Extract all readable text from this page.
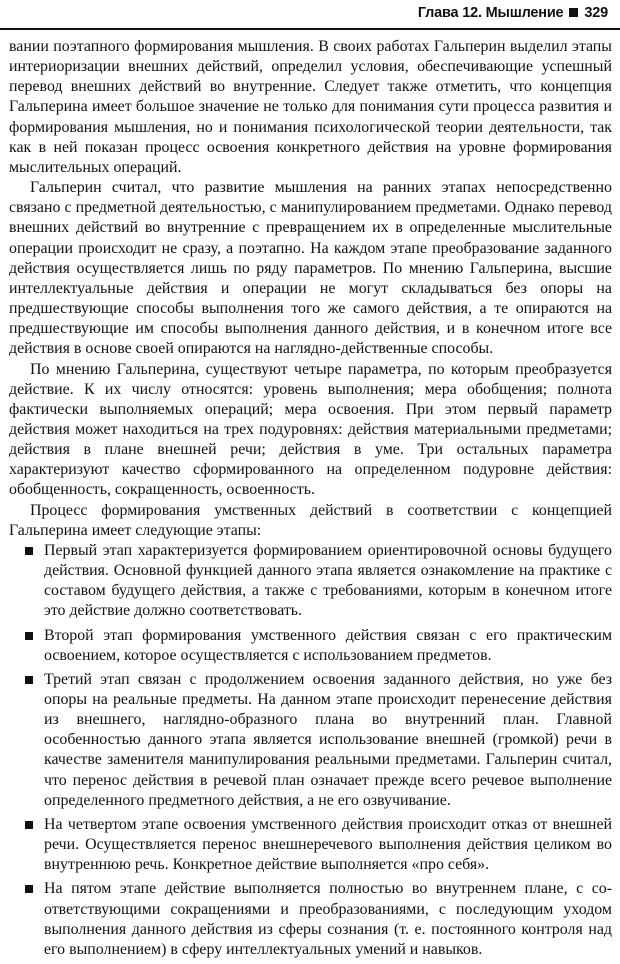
Глава 12. Мышление 329

вании поэтапного формирования мышления. В своих работах Гальперин выделил этапы интериоризации внешних действий, определил условия, обеспечивающие успешный перевод внешних действий во внутренние. Следует также отметить, что концепция Гальперина имеет большое значение не только для понимания сути процесса развития и формирования мышления, но и понимания психологической теории деятельности, так как в ней показан процесс освоения конкретного действия на уровне формирования мыслительных операций.

Гальперин считал, что развитие мышления на ранних этапах непосредственно связано с предметной деятельностью, с манипулированием предметами. Однако перевод внешних действий во внутренние с превращением их в определенные мыслительные операции происходит не сразу, а поэтапно. На каждом этапе преобразование заданного действия осуществляется лишь по ряду параметров. По мнению Гальперина, высшие интеллектуальные действия и операции не могут складываться без опоры на предшествующие способы выполнения того же самого действия, а те опираются на предшествующие им способы выполнения данного действия, и в конечном итоге все действия в основе своей опираются на наглядно-действенные способы.

По мнению Гальперина, существуют четыре параметра, по которым преобразуется действие. К их числу относятся: уровень выполнения; мера обобщения; полнота фактически выполняемых операций; мера освоения. При этом первый параметр действия может находиться на трех подуровнях: действия материальными предметами; действия в плане внешней речи; действия в уме. Три остальных параметра характеризуют качество сформированного на определенном подуровне действия: обобщенность, сокращенность, освоенность.

Процесс формирования умственных действий в соответствии с концепцией Гальперина имеет следующие этапы:

Первый этап характеризуется формированием ориентировочной основы будущего действия. Основной функцией данного этапа является ознакомление на практике с составом будущего действия, а также с требованиями, которым в конечном итоге это действие должно соответствовать.
Второй этап формирования умственного действия связан с его практическим освоением, которое осуществляется с использованием предметов.
Третий этап связан с продолжением освоения заданного действия, но уже без опоры на реальные предметы. На данном этапе происходит перенесение действия из внешнего, наглядно-образного плана во внутренний план. Главной особенностью данного этапа является использование внешней (громкой) речи в качестве заменителя манипулирования реальными предметами. Гальперин считал, что перенос действия в речевой план означает прежде всего речевое выполнение определенного предметного действия, а не его озвучивание.
На четвертом этапе освоения умственного действия происходит отказ от внешней речи. Осуществляется перенос внешнеречевого выполнения действия целиком во внутреннюю речь. Конкретное действие выполняется «про себя».
На пятом этапе действие выполняется полностью во внутреннем плане, с соответствующими сокращениями и преобразованиями, с последующим уходом выполнения данного действия из сферы сознания (т. е. постоянного контроля над его выполнением) в сферу интеллектуальных умений и навыков.
